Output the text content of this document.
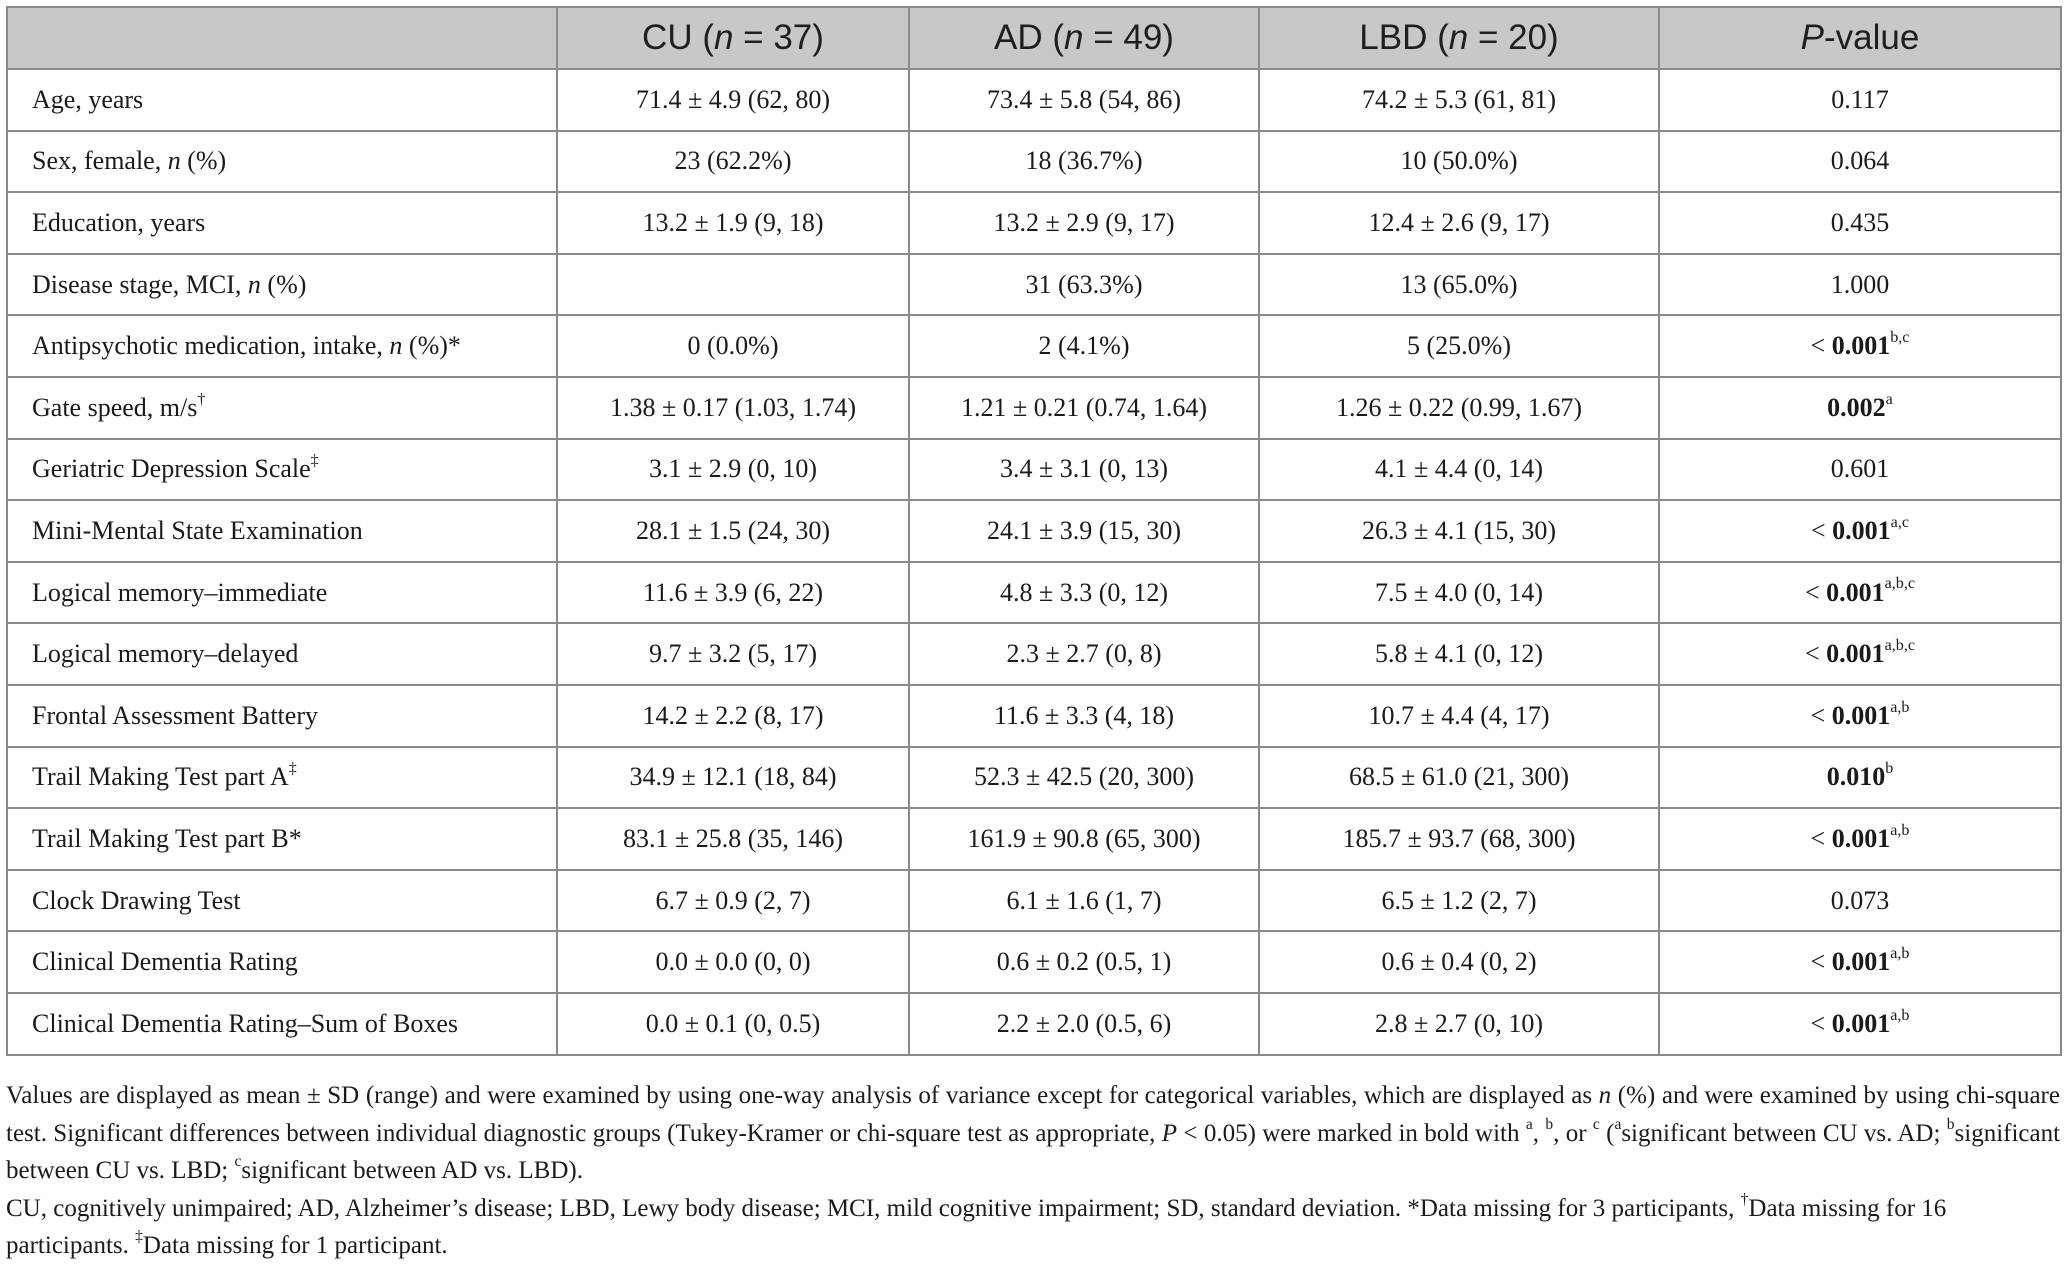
	CU (n = 37)	AD (n = 49)	LBD (n = 20)	P-value
Age, years	71.4 ± 4.9 (62, 80)	73.4 ± 5.8 (54, 86)	74.2 ± 5.3 (61, 81)	0.117
Sex, female, n (%)	23 (62.2%)	18 (36.7%)	10 (50.0%)	0.064
Education, years	13.2 ± 1.9 (9, 18)	13.2 ± 2.9 (9, 17)	12.4 ± 2.6 (9, 17)	0.435
Disease stage, MCI, n (%)		31 (63.3%)	13 (65.0%)	1.000
Antipsychotic medication, intake, n (%)*	0 (0.0%)	2 (4.1%)	5 (25.0%)	< $0.001^{b,c}$
Gate speed, m/s†	1.38 ± 0.17 (1.03, 1.74)	1.21 ± 0.21 (0.74, 1.64)	1.26 ± 0.22 (0.99, 1.67)	0.002$^a$
Geriatric Depression Scale‡	3.1 ± 2.9 (0, 10)	3.4 ± 3.1 (0, 13)	4.1 ± 4.4 (0, 14)	0.601
Mini-Mental State Examination	28.1 ± 1.5 (24, 30)	24.1 ± 3.9 (15, 30)	26.3 ± 4.1 (15, 30)	< $0.001^{a,c}$
Logical memory–immediate	11.6 ± 3.9 (6, 22)	4.8 ± 3.3 (0, 12)	7.5 ± 4.0 (0, 14)	< $0.001^{a,b,c}$
Logical memory–delayed	9.7 ± 3.2 (5, 17)	2.3 ± 2.7 (0, 8)	5.8 ± 4.1 (0, 12)	< $0.001^{a,b,c}$
Frontal Assessment Battery	14.2 ± 2.2 (8, 17)	11.6 ± 3.3 (4, 18)	10.7 ± 4.4 (4, 17)	< $0.001^{a,b}$
Trail Making Test part A‡	34.9 ± 12.1 (18, 84)	52.3 ± 42.5 (20, 300)	68.5 ± 61.0 (21, 300)	0.010$^b$
Trail Making Test part B*	83.1 ± 25.8 (35, 146)	161.9 ± 90.8 (65, 300)	185.7 ± 93.7 (68, 300)	< $0.001^{a,b}$
Clock Drawing Test	6.7 ± 0.9 (2, 7)	6.1 ± 1.6 (1, 7)	6.5 ± 1.2 (2, 7)	0.073
Clinical Dementia Rating	0.0 ± 0.0 (0, 0)	0.6 ± 0.2 (0.5, 1)	0.6 ± 0.4 (0, 2)	< $0.001^{a,b}$
Clinical Dementia Rating–Sum of Boxes	0.0 ± 0.1 (0, 0.5)	2.2 ± 2.0 (0.5, 6)	2.8 ± 2.7 (0, 10)	< $0.001^{a,b}$

Values are displayed as mean ± SD (range) and were examined by using one-way analysis of variance except for categorical variables, which are displayed as n (%) and were examined by using chi-square test. Significant differences between individual diagnostic groups (Tukey-Kramer or chi-square test as appropriate, P < 0.05) were marked in bold with $^a$, $^b$, or $^c$ ($^a$significant between CU vs. AD; $^b$significant between CU vs. LBD; $^c$significant between AD vs. LBD).

CU, cognitively unimpaired; AD, Alzheimer’s disease; LBD, Lewy body disease; MCI, mild cognitive impairment; SD, standard deviation. *Data missing for 3 participants, †Data missing for 16 participants. ‡Data missing for 1 participant.
